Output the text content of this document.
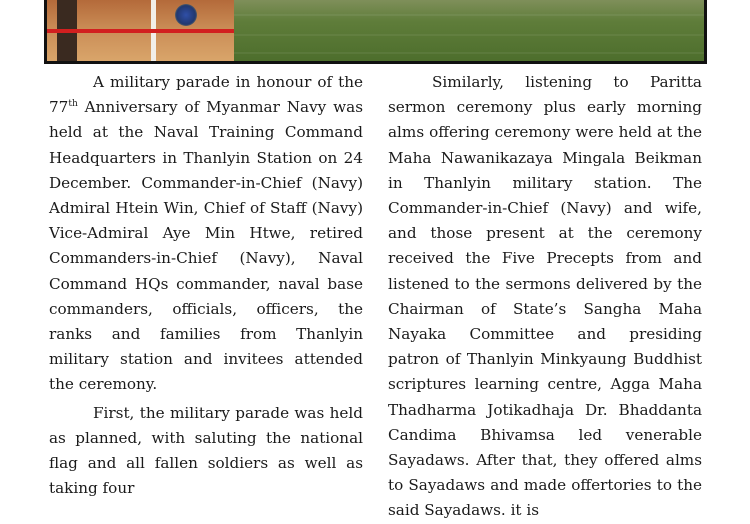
A military parade in honour of the 77th Anniversary of Myanmar Navy was held at the Naval Training Command Headquarters in Thanlyin Station on 24 December. Commander-in-Chief (Navy) Admiral Htein Win, Chief of Staff (Navy) Vice-Admiral Aye Min Htwe, retired Commanders-in-Chief (Navy), Naval Command HQs commander, naval base commanders, officials, officers, the ranks and families from Thanlyin military station and invitees attended the ceremony.

First, the military parade was held as planned, with saluting the national flag and all fallen soldiers as well as taking four

Similarly, listening to Paritta sermon ceremony plus early morning alms offering ceremony were held at the Maha Nawanikazaya Mingala Beikman in Thanlyin military station. The Commander-in-Chief (Navy) and wife, and those present at the ceremony received the Five Precepts from and listened to the sermons delivered by the Chairman of State’s Sangha Maha Nayaka Committee and presiding patron of Thanlyin Minkyaung Buddhist scriptures learning centre, Agga Maha Thadharma Jotikadhaja Dr. Bhaddanta Candima Bhivamsa led venerable Sayadaws. After that, they offered alms to Sayadaws and made offertories to the said Sayadaws. it is
